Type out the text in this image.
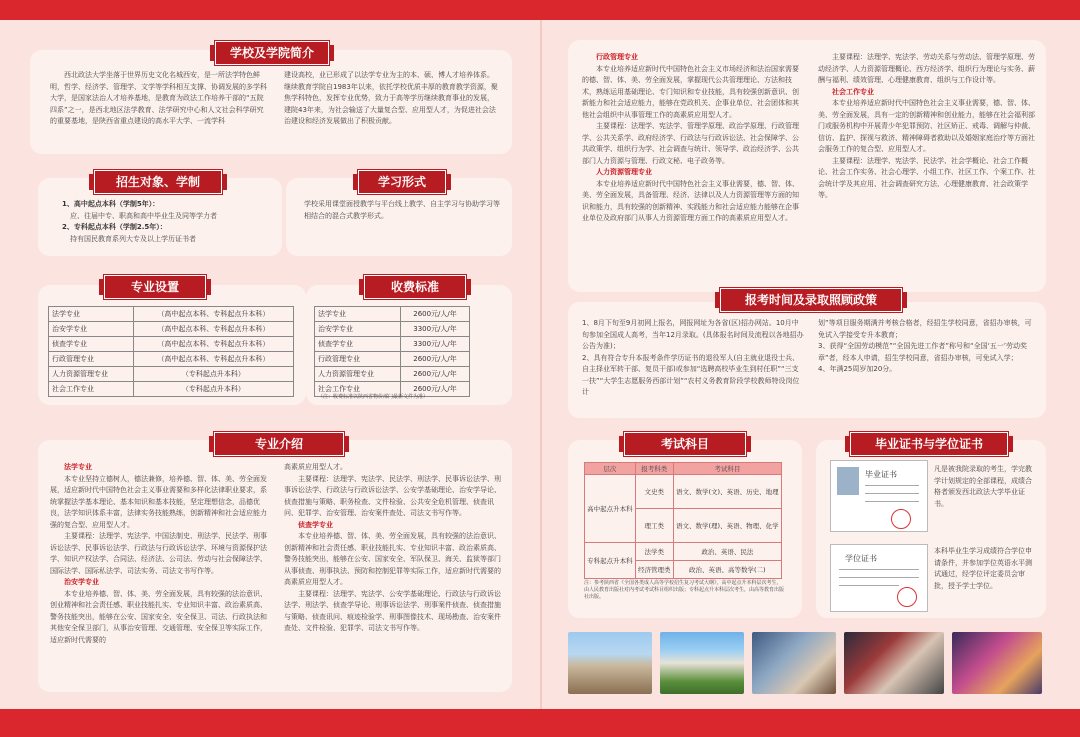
学校及学院简介
西北政法大学坐落于世界历史文化名城西安，是一所法学特色鲜明，哲学、经济学、管理学、文学等学科相互支撑、协调发展的多学科大学，是国家法治人才培养基地，是教育为政法工作培养干部的“五院四系”之一，是西北地区法学教育、法学研究中心和人文社会科学研究的重要基地，是陕西省重点建设的高水平大学、一流学科
建设高校，业已形成了以法学专业为主的本、硕、博人才培养体系。继续教育学院自1983年以来，依托学校优质丰厚的教育教学资源，聚焦学科特色，发挥专业优势，致力于高等学历继续教育事业的发展，建院43年来，为社会输送了大量复合型、应用型人才，为促进社会法治建设和经济发展做出了积极贡献。
招生对象、学制

1、高中起点本科（学制5年）：

应、往届中专、职高和高中毕业生及同等学力者

2、专科起点本科（学制2.5年）：

持有国民教育系列大专及以上学历证书者

学习形式
学校采用课堂面授教学与平台线上教学、自主学习与协助学习等相结合的混合式教学形式。
专业设置
法学专业	（高中起点本科、专科起点升本科）
治安学专业	（高中起点本科、专科起点升本科）
侦查学专业	（高中起点本科、专科起点升本科）
行政管理专业	（高中起点本科、专科起点升本科）
人力资源管理专业	（专科起点升本科）
社会工作专业	（专科起点升本科）
收费标准
法学专业	2600元/人/年
治安学专业	3300元/人/年
侦查学专业	3300元/人/年
行政管理专业	2600元/人/年
人力资源管理专业	2600元/人/年
社会工作专业	2600元/人/年
（注：收费标准以陕西省物价部门最新文件为准）
专业介绍

法学专业

本专业坚持立德树人，德法兼修，培养德、智、体、美、劳全面发展，适应新时代中国特色社会主义事业需要和多样化法律职业要求，系统掌握法学基本理论、基本知识和基本技能，坚定理想信念，品德优良，法学知识体系丰富，法律实务技能熟练，创新精神和社会适应能力强的复合型、应用型人才。

主要课程：法理学、宪法学、中国法制史、刑法学、民法学、刑事诉讼法学、民事诉讼法学、行政法与行政诉讼法学、环境与资源保护法学、知识产权法学、合同法、经济法、公司法、劳动与社会保障法学、国际法学、国际私法学、司法实务、司法文书写作等。

治安学专业

本专业培养德、智、体、美、劳全面发展，具有较强的法治意识、创业精神和社会责任感、职业技能扎实、专业知识丰富、政治素质高、警务技能突出，能够在公安、国家安全、安全保卫、司法、行政执法和其他安全保卫部门，从事治安管理、交通管理、安全保卫等实际工作，适应新时代需要的

高素质应用型人才。

主要课程：法理学、宪法学、民法学、刑法学、民事诉讼法学、刑事诉讼法学、行政法与行政诉讼法学、公安学基础理论、治安学导论、侦查措施与策略、职务检查、文件检验、公共安全危机管理、侦查讯问、犯罪学、治安管理、治安案件查处、司法文书写作等。

侦查学专业

本专业培养德、智、体、美、劳全面发展，具有较强的法治意识、创新精神和社会责任感、职业技能扎实、专业知识丰富、政治素质高、警务技能突出，能够在公安、国家安全、军队保卫、海关、监狱等部门从事侦查、刑事执法、预防和控制犯罪等实际工作，适应新时代需要的高素质应用型人才。

主要课程：法理学、宪法学、公安学基础理论、行政法与行政诉讼法学、刑法学、侦查学导论、刑事诉讼法学、刑事案件侦查、侦查措施与策略、侦查讯问、痕迹检验学、刑事图像技术、现场勘查、治安案件查处、文件检验、犯罪学、司法文书写作等。

行政管理专业

本专业培养适应新时代中国特色社会主义市场经济和法治国家需要的德、智、体、美、劳全面发展，掌握现代公共管理理论、方法和技术，熟练运用基础理论、专门知识和专业技能，具有较强创新意识、创新能力和社会适应能力，能够在党政机关、企事业单位、社会团体和其他社会组织中从事管理工作的高素质应用型人才。

主要课程：法理学、宪法学、管理学原理、政治学原理、行政管理学、公共关系学、政府经济学、行政法与行政诉讼法、社会保障学、公共政策学、组织行为学、社会调查与统计、领导学、政治经济学、公共部门人力资源与管理、行政文秘、电子政务等。

人力资源管理专业

本专业培养适应新时代中国特色社会主义事业需要，德、智、体、美、劳全面发展，具备管理、经济、法律以及人力资源管理等方面的知识和能力，具有较强的创新精神、实践能力和社会适应能力能够在企事业单位及政府部门从事人力资源管理方面工作的高素质应用型人才。

主要课程：法理学、宪法学、劳动关系与劳动法、管理学原理、劳动经济学、人力资源管理概论、西方经济学、组织行为理论与实务、薪酬与福利、绩效管理、心理健康教育、组织与工作设计等。

社会工作专业

本专业培养适应新时代中国特色社会主义事业需要，德、智、体、美、劳全面发展，具有一定的创新精神和创业能力，能够在社会福利部门或服务机构中开展青少年犯罪预防、社区矫正、戒毒、调解与仲裁、信访、监护、探视与救济、精神障碍者救助以及婚姻家庭治疗等方面社会服务工作的复合型、应用型人才。

主要课程：法理学、宪法学、民法学、社会学概论、社会工作概论、社会工作实务、社会心理学、小组工作、社区工作、个案工作、社会统计学及其应用、社会调查研究方法、心理健康教育、社会政策学等。

报考时间及录取照顾政策
1、8月下旬至9月初网上报名，网报网址为各省(区)招办网站。10月中旬参加全国成人高考，当年12月录取。(具体报名时间及流程以各地招办公告为准)；
2、具有符合专升本报考条件学历证书的退役军人(自主就业退役士兵、自主择业军转干部、复员干部)或参加“选聘高校毕业生到村任职”“三支一扶”“大学生志愿服务西部计划”“农村义务教育阶段学校教师特设岗位计
划”等项目服务期满并考核合格者，经招生学校同意，省招办审核，可免试入学接受专升本教育；
3、获得“全国劳动模范”“全国先进工作者”称号和“全国‘五一’劳动奖章”者，经本人申请，招生学校同意，省招办审核，可免试入学；
4、年满25周岁加20分。
考试科目
层次	报考科类	考试科目
高中起点升本科	文史类	语文、数学(文)、英语、历史、地理
	理工类	语文、数学(理)、英语、物理、化学
专科起点升本科	法学类	政治、英语、民法
	经济管理类	政治、英语、高等数学(二)
注：参考陕西省《全国各类成人高等学校招生复习考试大纲》，高中起点升本科层次考生，由人民教育出版社对内考试考试科目组织出版；专科起点升本科层次考生，由高等教育出版社出版。
毕业证书与学位证书
毕业证书
学位证书
凡是被我院录取的考生，学完教学计划规定的全部课程，成绩合格者颁发西北政法大学毕业证书。
本科毕业生学习成绩符合学位申请条件，并参加学位英语水平测试通过，经学位评定委员会审批，授予学士学位。
